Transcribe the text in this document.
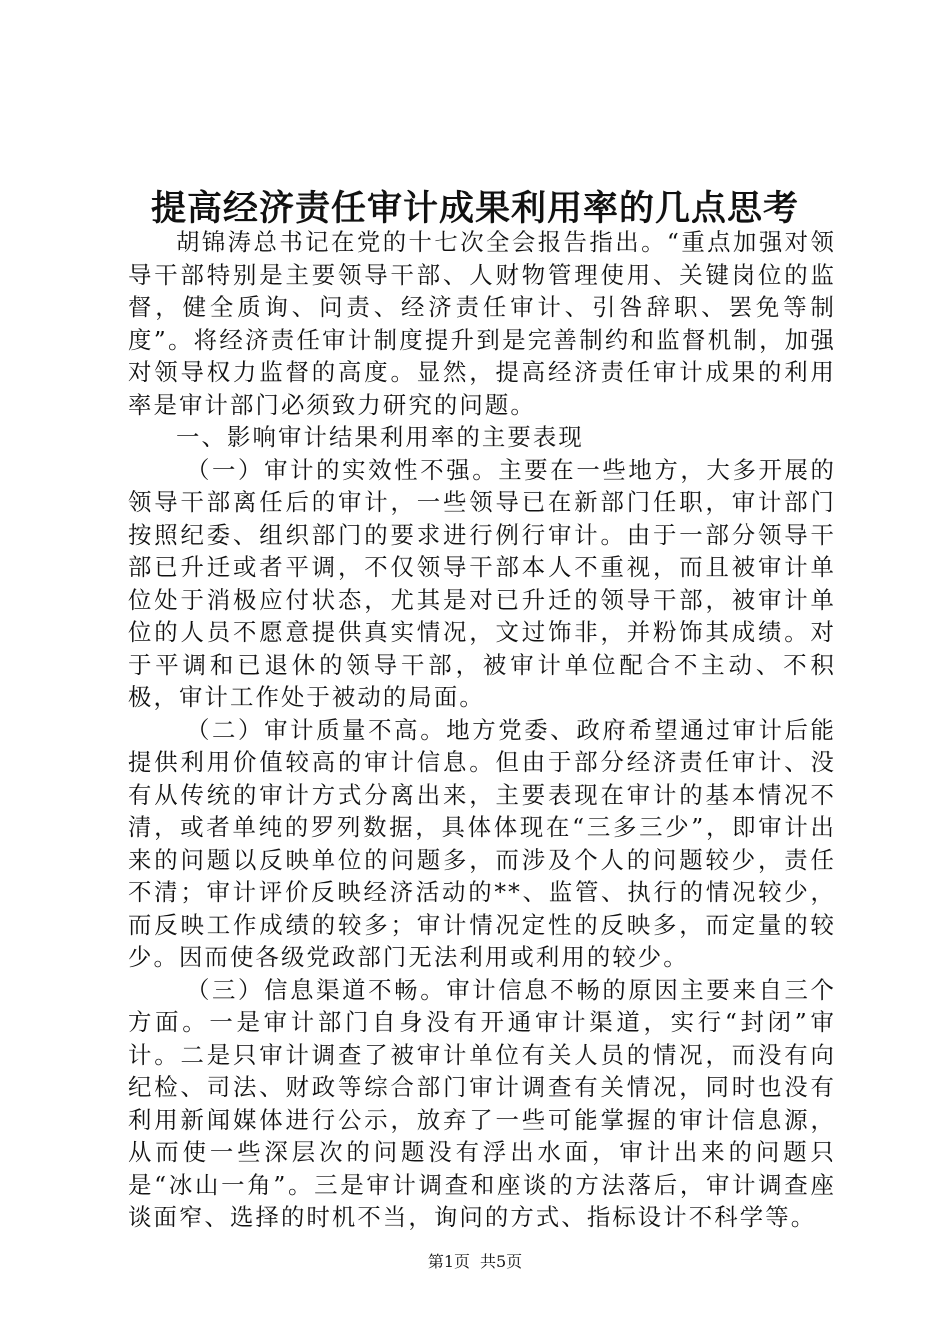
提高经济责任审计成果利用率的几点思考

胡锦涛总书记在党的十七次全会报告指出。“重点加强对领导干部特别是主要领导干部、人财物管理使用、关键岗位的监督，健全质询、问责、经济责任审计、引咎辞职、罢免等制度”。将经济责任审计制度提升到是完善制约和监督机制，加强对领导权力监督的高度。显然，提高经济责任审计成果的利用率是审计部门必须致力研究的问题。

一、影响审计结果利用率的主要表现

（一）审计的实效性不强。主要在一些地方，大多开展的领导干部离任后的审计，一些领导已在新部门任职，审计部门按照纪委、组织部门的要求进行例行审计。由于一部分领导干部已升迁或者平调，不仅领导干部本人不重视，而且被审计单位处于消极应付状态，尤其是对已升迁的领导干部，被审计单位的人员不愿意提供真实情况，文过饰非，并粉饰其成绩。对于平调和已退休的领导干部，被审计单位配合不主动、不积极，审计工作处于被动的局面。

（二）审计质量不高。地方党委、政府希望通过审计后能提供利用价值较高的审计信息。但由于部分经济责任审计、没有从传统的审计方式分离出来，主要表现在审计的基本情况不清，或者单纯的罗列数据，具体体现在“三多三少”，即审计出来的问题以反映单位的问题多，而涉及个人的问题较少，责任不清；审计评价反映经济活动的**、监管、执行的情况较少，而反映工作成绩的较多；审计情况定性的反映多，而定量的较少。因而使各级党政部门无法利用或利用的较少。

（三）信息渠道不畅。审计信息不畅的原因主要来自三个方面。一是审计部门自身没有开通审计渠道，实行“封闭”审计。二是只审计调查了被审计单位有关人员的情况，而没有向纪检、司法、财政等综合部门审计调查有关情况，同时也没有利用新闻媒体进行公示，放弃了一些可能掌握的审计信息源，从而使一些深层次的问题没有浮出水面，审计出来的问题只是“冰山一角”。三是审计调查和座谈的方法落后，审计调查座谈面窄、选择的时机不当，询问的方式、指标设计不科学等。

第1页 共5页
